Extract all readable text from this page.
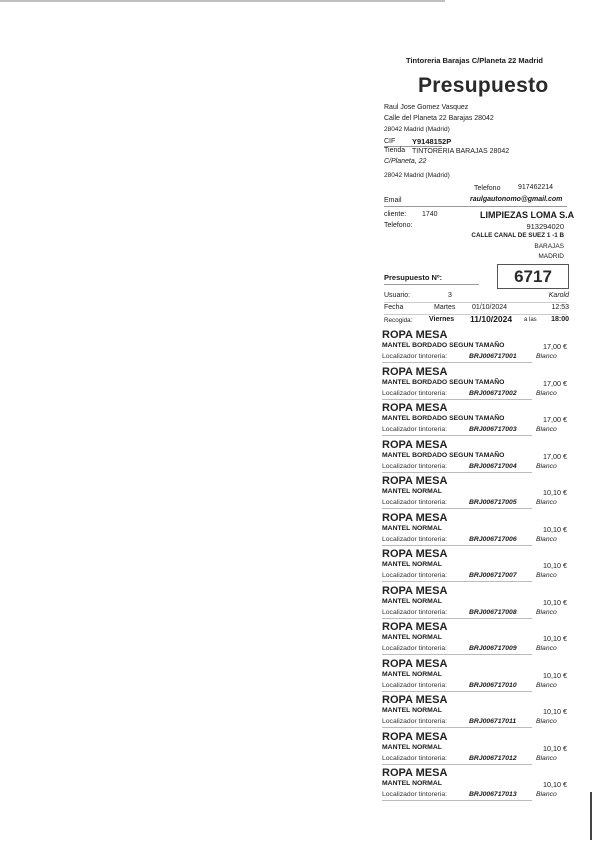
Tintoreria Barajas C/Planeta 22 Madrid
Presupuesto
Raul Jose Gomez Vasquez
Calle del Planeta 22 Barajas 28042
28042 Madrid (Madrid)
CIF Y9148152P
Tienda TINTORERIA BARAJAS 28042
C/Planeta, 22
28042 Madrid (Madrid)
Telefono	917462214
Email	raulgautonomo@gmail.com
cliente: 1740
Telefono:
LIMPIEZAS LOMA S.A
913294020
CALLE CANAL DE SUEZ 1 -1 B
BARAJAS
MADRID
Presupuesto Nº:	6717
Usuario:	3	Karold
Fecha	Martes 01/10/2024	12:53
Recogida: Viernes 11/10/2024 a las 18:00
ROPA MESA
MANTEL BORDADO SEGUN TAMAÑO	17,00 €
Localizador tintoreria:	BRJ006717001	Blanco
ROPA MESA
MANTEL BORDADO SEGUN TAMAÑO	17,00 €
Localizador tintoreria:	BRJ006717002	Blanco
ROPA MESA
MANTEL BORDADO SEGUN TAMAÑO	17,00 €
Localizador tintoreria:	BRJ006717003	Blanco
ROPA MESA
MANTEL BORDADO SEGUN TAMAÑO	17,00 €
Localizador tintoreria:	BRJ006717004	Blanco
ROPA MESA
MANTEL NORMAL	10,10 €
Localizador tintoreria:	BRJ006717005	Blanco
ROPA MESA
MANTEL NORMAL	10,10 €
Localizador tintoreria:	BRJ006717006	Blanco
ROPA MESA
MANTEL NORMAL	10,10 €
Localizador tintoreria:	BRJ006717007	Blanco
ROPA MESA
MANTEL NORMAL	10,10 €
Localizador tintoreria:	BRJ006717008	Blanco
ROPA MESA
MANTEL NORMAL	10,10 €
Localizador tintoreria:	BRJ006717009	Blanco
ROPA MESA
MANTEL NORMAL	10,10 €
Localizador tintoreria:	BRJ006717010	Blanco
ROPA MESA
MANTEL NORMAL	10,10 €
Localizador tintoreria:	BRJ006717011	Blanco
ROPA MESA
MANTEL NORMAL	10,10 €
Localizador tintoreria:	BRJ006717012	Blanco
ROPA MESA
MANTEL NORMAL	10,10 €
Localizador tintoreria:	BRJ006717013	Blanco
